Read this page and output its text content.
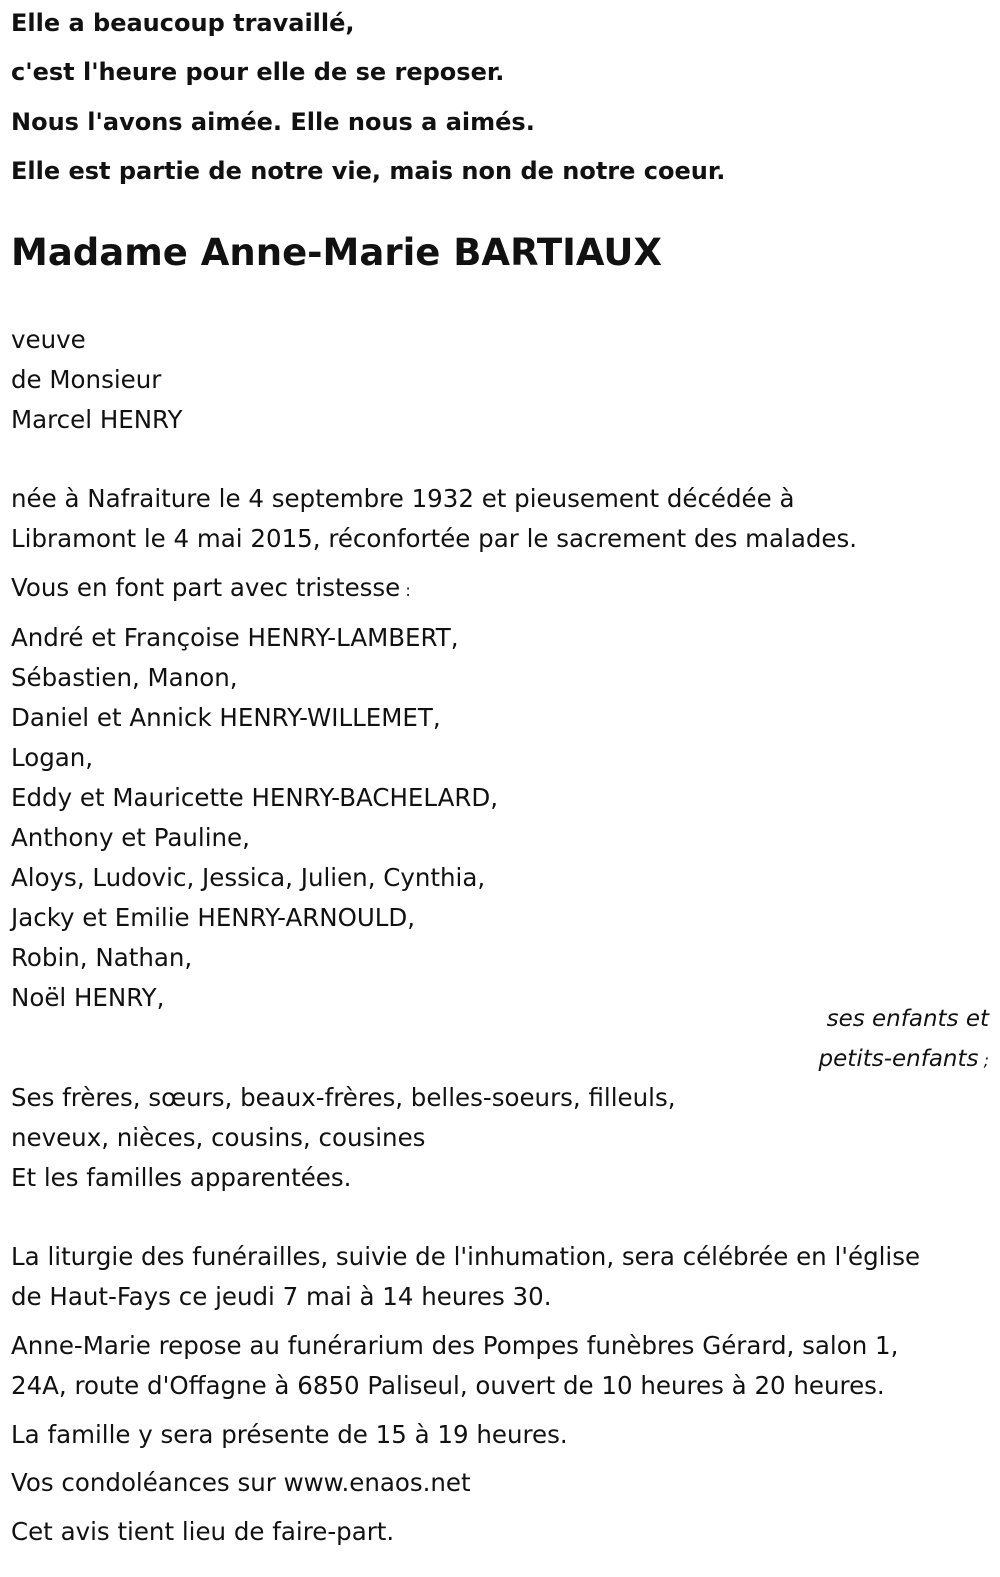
Elle a beaucoup travaillé,
c'est l'heure pour elle de se reposer.
Nous l'avons aimée. Elle nous a aimés.
Elle est partie de notre vie, mais non de notre coeur.
Madame Anne-Marie BARTIAUX
veuve
de Monsieur
Marcel HENRY
née à Nafraiture le 4 septembre 1932 et pieusement décédée à
Libramont le 4 mai 2015, réconfortée par le sacrement des malades.
Vous en font part avec tristesse :
André et Françoise HENRY-LAMBERT,
Sébastien, Manon,
Daniel et Annick HENRY-WILLEMET,
Logan,
Eddy et Mauricette HENRY-BACHELARD,
Anthony et Pauline,
Aloys, Ludovic, Jessica, Julien, Cynthia,
Jacky et Emilie HENRY-ARNOULD,
Robin, Nathan,
Noël HENRY,
ses enfants et
petits-enfants ;
Ses frères, sœurs, beaux-frères, belles-soeurs, filleuls,
neveux, nièces, cousins, cousines
Et les familles apparentées.
La liturgie des funérailles, suivie de l'inhumation, sera célébrée en l'église
de Haut-Fays ce jeudi 7 mai à 14 heures 30.
Anne-Marie repose au funérarium des Pompes funèbres Gérard, salon 1,
24A, route d'Offagne à 6850 Paliseul, ouvert de 10 heures à 20 heures.
La famille y sera présente de 15 à 19 heures.
Vos condoléances sur www.enaos.net
Cet avis tient lieu de faire-part.
